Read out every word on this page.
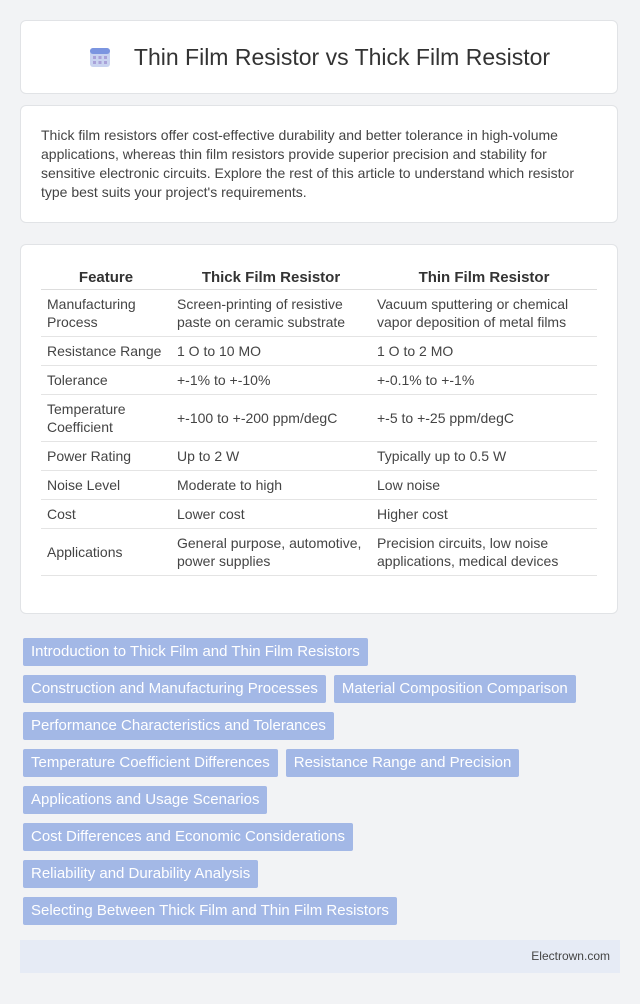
Thin Film Resistor vs Thick Film Resistor

Thick film resistors offer cost-effective durability and better tolerance in high-volume applications, whereas thin film resistors provide superior precision and stability for sensitive electronic circuits. Explore the rest of this article to understand which resistor type best suits your project's requirements.

Feature	Thick Film Resistor	Thin Film Resistor
Manufacturing Process	Screen-printing of resistive paste on ceramic substrate	Vacuum sputtering or chemical vapor deposition of metal films
Resistance Range	1 O to 10 MO	1 O to 2 MO
Tolerance	+-1% to +-10%	+-0.1% to +-1%
Temperature Coefficient	+-100 to +-200 ppm/degC	+-5 to +-25 ppm/degC
Power Rating	Up to 2 W	Typically up to 0.5 W
Noise Level	Moderate to high	Low noise
Cost	Lower cost	Higher cost
Applications	General purpose, automotive, power supplies	Precision circuits, low noise applications, medical devices
Introduction to Thick Film and Thin Film Resistors
Construction and Manufacturing Processes	Material Composition Comparison
Performance Characteristics and Tolerances
Temperature Coefficient Differences	Resistance Range and Precision
Applications and Usage Scenarios
Cost Differences and Economic Considerations
Reliability and Durability Analysis
Selecting Between Thick Film and Thin Film Resistors
Electrown.com
